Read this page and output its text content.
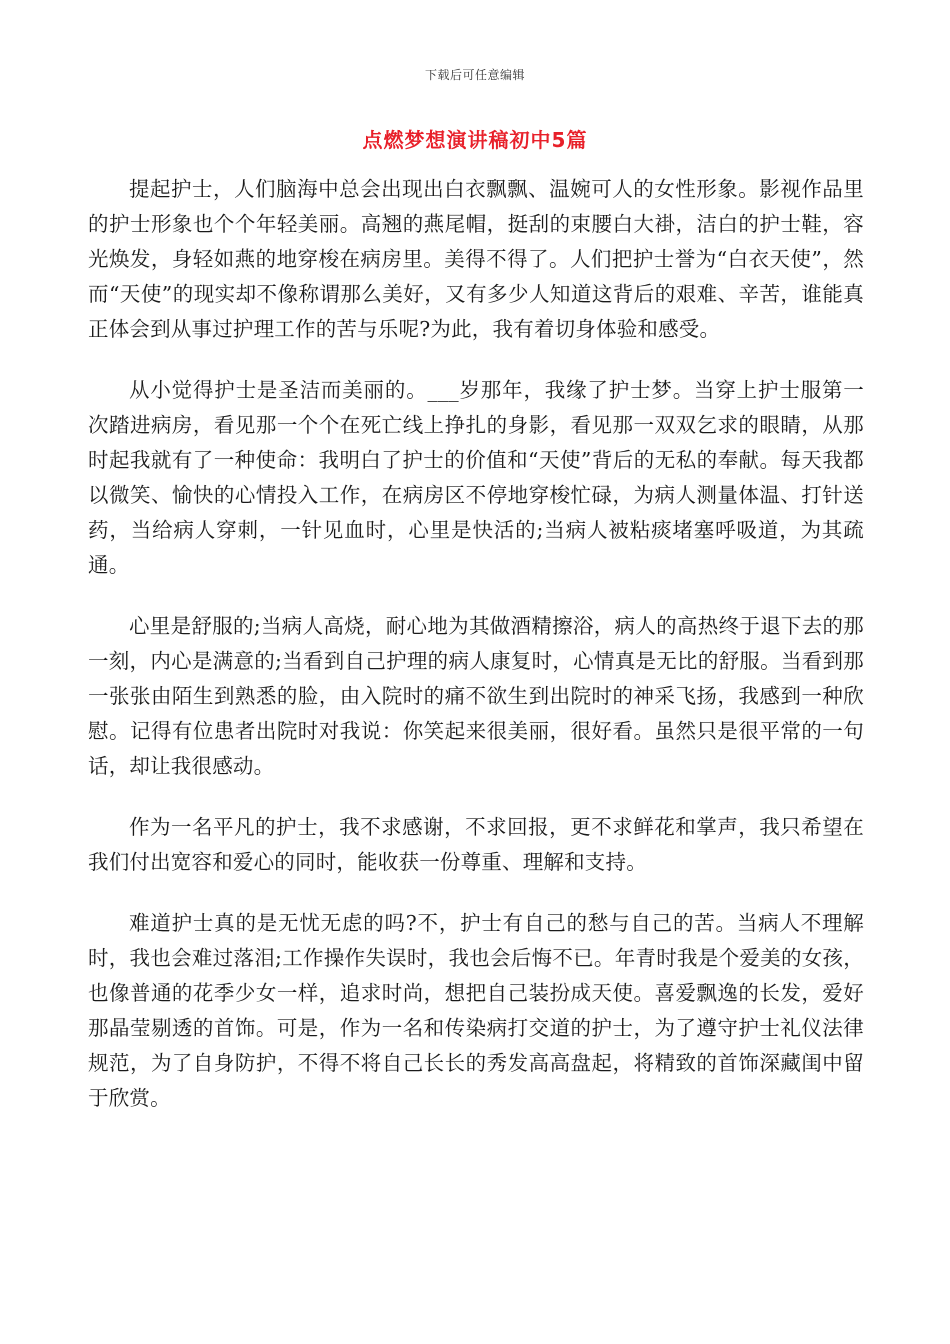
下载后可任意编辑
点燃梦想演讲稿初中5篇

提起护士，人们脑海中总会出现出白衣飘飘、温婉可人的女性形象。影视作品里的护士形象也个个年轻美丽。高翘的燕尾帽，挺刮的束腰白大褂，洁白的护士鞋，容光焕发，身轻如燕的地穿梭在病房里。美得不得了。人们把护士誉为“白衣天使”，然而“天使”的现实却不像称谓那么美好，又有多少人知道这背后的艰难、辛苦，谁能真正体会到从事过护理工作的苦与乐呢?为此，我有着切身体验和感受。

从小觉得护士是圣洁而美丽的。___岁那年，我缘了护士梦。当穿上护士服第一次踏进病房，看见那一个个在死亡线上挣扎的身影，看见那一双双乞求的眼睛，从那时起我就有了一种使命：我明白了护士的价值和“天使”背后的无私的奉献。每天我都以微笑、愉快的心情投入工作，在病房区不停地穿梭忙碌，为病人测量体温、打针送药，当给病人穿刺，一针见血时，心里是快活的;当病人被粘痰堵塞呼吸道，为其疏通。

心里是舒服的;当病人高烧，耐心地为其做酒精擦浴，病人的高热终于退下去的那一刻，内心是满意的;当看到自己护理的病人康复时，心情真是无比的舒服。当看到那一张张由陌生到熟悉的脸，由入院时的痛不欲生到出院时的神采飞扬，我感到一种欣慰。记得有位患者出院时对我说：你笑起来很美丽，很好看。虽然只是很平常的一句话，却让我很感动。

作为一名平凡的护士，我不求感谢，不求回报，更不求鲜花和掌声，我只希望在我们付出宽容和爱心的同时，能收获一份尊重、理解和支持。

难道护士真的是无忧无虑的吗?不，护士有自己的愁与自己的苦。当病人不理解时，我也会难过落泪;工作操作失误时，我也会后悔不已。年青时我是个爱美的女孩，也像普通的花季少女一样，追求时尚，想把自己装扮成天使。喜爱飘逸的长发，爱好那晶莹剔透的首饰。可是，作为一名和传染病打交道的护士，为了遵守护士礼仪法律规范，为了自身防护，不得不将自己长长的秀发高高盘起，将精致的首饰深藏闺中留于欣赏。
